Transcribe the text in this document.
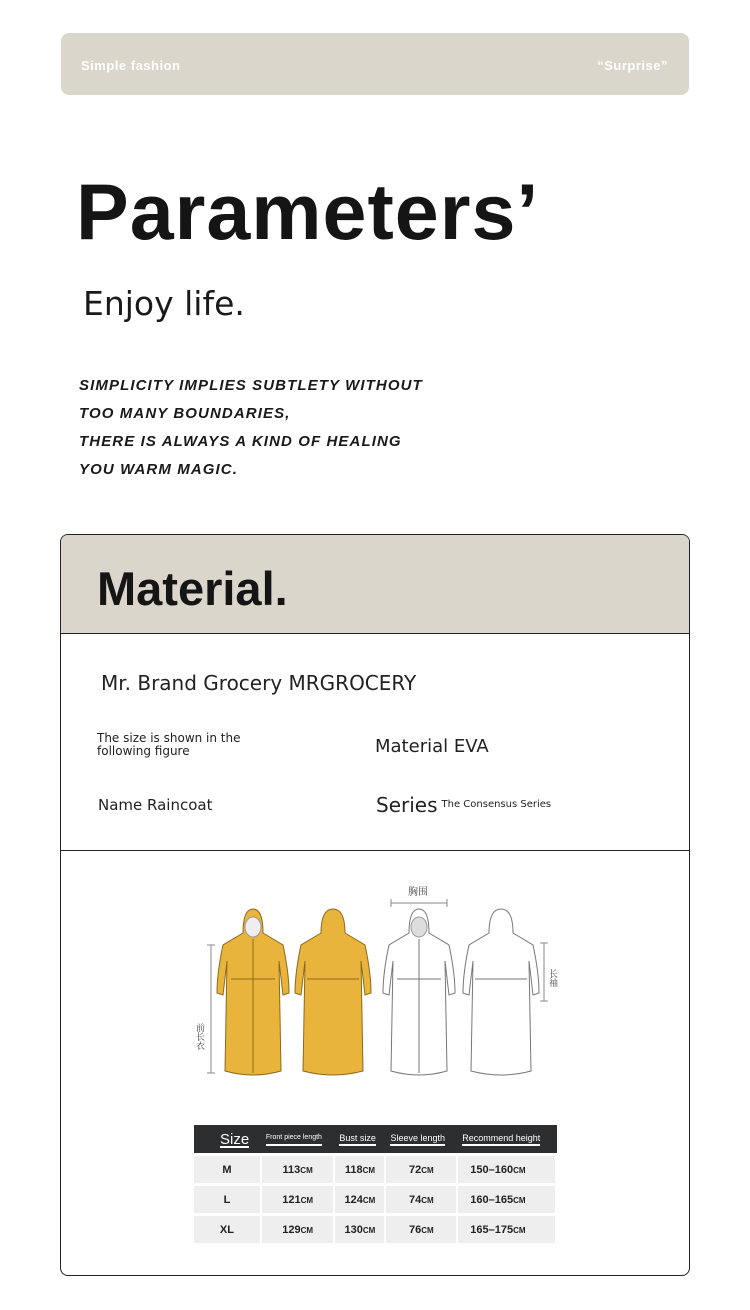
Simple fashion	“Surprise”
Parameters’
Enjoy life.
SIMPLICITY IMPLIES SUBTLETY WITHOUT
TOO MANY BOUNDARIES,
THERE IS ALWAYS A KIND OF HEALING
YOU WARM MAGIC.
Material.
Mr. Brand Grocery MRGROCERY
The size is shown in the following figure	Material EVA
Name Raincoat	Series $^{The Consensus Series}$
胸围
前长衣
长袖
Size	Front piece length	Bust size	Sleeve length	Recommend height
M	113CM	118CM	72CM	150–160CM
L	121CM	124CM	74CM	160–165CM
XL	129CM	130CM	76CM	165–175CM
